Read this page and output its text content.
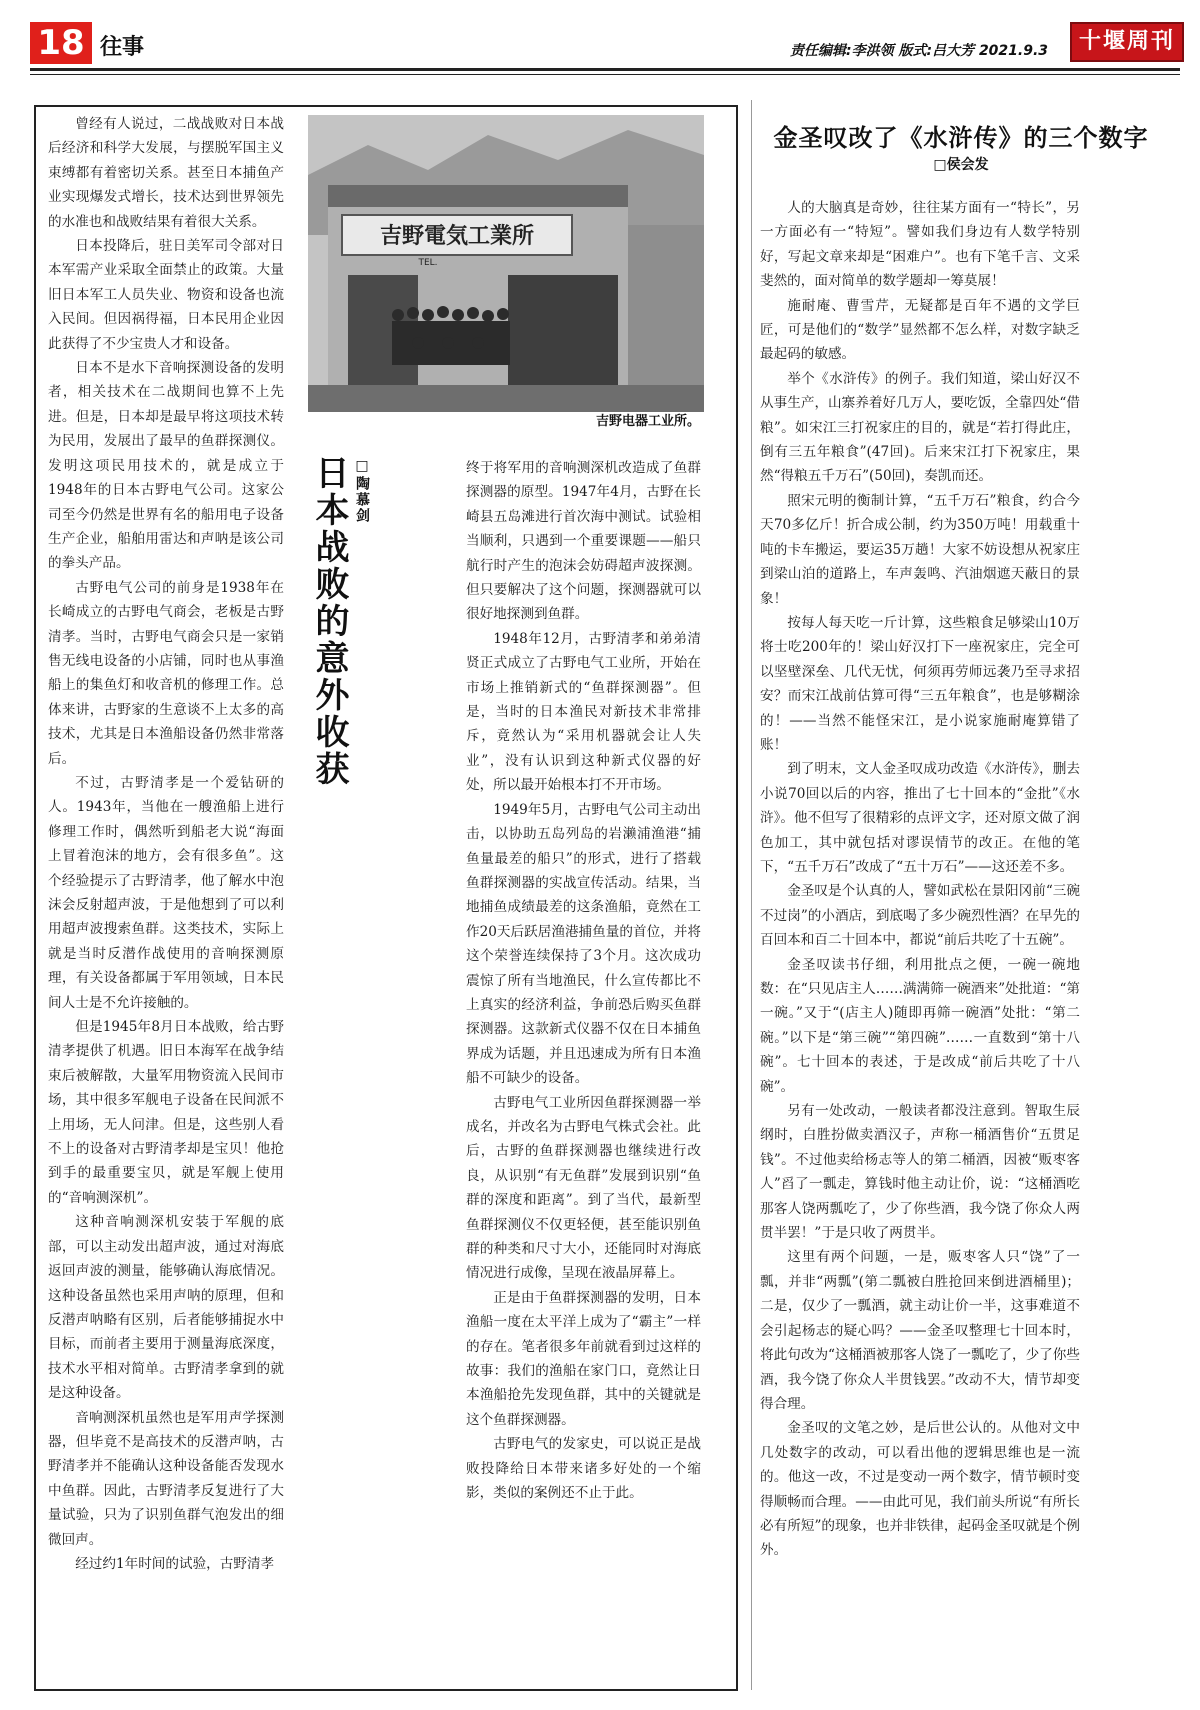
18 往事	责任编辑:李洪领 版式:吕大芳 2021.9.3	十堰周刊

曾经有人说过，二战战败对日本战后经济和科学大发展，与摆脱军国主义束缚都有着密切关系。甚至日本捕鱼产业实现爆发式增长，技术达到世界领先的水准也和战败结果有着很大关系。

日本投降后，驻日美军司令部对日本军需产业采取全面禁止的政策。大量旧日本军工人员失业、物资和设备也流入民间。但因祸得福，日本民用企业因此获得了不少宝贵人才和设备。

日本不是水下音响探测设备的发明者，相关技术在二战期间也算不上先进。但是，日本却是最早将这项技术转为民用，发展出了最早的鱼群探测仪。发明这项民用技术的，就是成立于1948年的日本古野电气公司。这家公司至今仍然是世界有名的船用电子设备生产企业，船舶用雷达和声呐是该公司的拳头产品。

古野电气公司的前身是1938年在长崎成立的古野电气商会，老板是古野清孝。当时，古野电气商会只是一家销售无线电设备的小店铺，同时也从事渔船上的集鱼灯和收音机的修理工作。总体来讲，古野家的生意谈不上太多的高技术，尤其是日本渔船设备仍然非常落后。

不过，古野清孝是一个爱钻研的人。1943年，当他在一艘渔船上进行修理工作时，偶然听到船老大说“海面上冒着泡沫的地方，会有很多鱼”。这个经验提示了古野清孝，他了解水中泡沫会反射超声波，于是他想到了可以利用超声波搜索鱼群。这类技术，实际上就是当时反潜作战使用的音响探测原理，有关设备都属于军用领域，日本民间人士是不允许接触的。

但是1945年8月日本战败，给古野清孝提供了机遇。旧日本海军在战争结束后被解散，大量军用物资流入民间市场，其中很多军舰电子设备在民间派不上用场，无人问津。但是，这些别人看不上的设备对古野清孝却是宝贝！他抢到手的最重要宝贝，就是军舰上使用的“音响测深机”。

这种音响测深机安装于军舰的底部，可以主动发出超声波，通过对海底返回声波的测量，能够确认海底情况。这种设备虽然也采用声呐的原理，但和反潜声呐略有区别，后者能够捕捉水中目标，而前者主要用于测量海底深度，技术水平相对简单。古野清孝拿到的就是这种设备。

音响测深机虽然也是军用声学探测器，但毕竟不是高技术的反潜声呐，古野清孝并不能确认这种设备能否发现水中鱼群。因此，古野清孝反复进行了大量试验，只为了识别鱼群气泡发出的细微回声。

经过约1年时间的试验，古野清孝

吉野電気工業所
TEL.
吉野电器工业所。
日本战败的意外收获 □陶慕剑	终于将军用的音响测深机改造成了鱼群探测器的原型。1947年4月，古野在长崎县五岛滩进行首次海中测试。试验相当顺利，只遇到一个重要课题——船只航行时产生的泡沫会妨碍超声波探测。但只要解决了这个问题，探测器就可以很好地探测到鱼群。

1948年12月，古野清孝和弟弟清贤正式成立了古野电气工业所，开始在市场上推销新式的“鱼群探测器”。但是，当时的日本渔民对新技术非常排斥，竟然认为“采用机器就会让人失业”，没有认识到这种新式仪器的好处，所以最开始根本打不开市场。

1949年5月，古野电气公司主动出击，以协助五岛列岛的岩濑浦渔港“捕鱼量最差的船只”的形式，进行了搭载鱼群探测器的实战宣传活动。结果，当地捕鱼成绩最差的这条渔船，竟然在工作20天后跃居渔港捕鱼量的首位，并将这个荣誉连续保持了3个月。这次成功震惊了所有当地渔民，什么宣传都比不上真实的经济利益，争前恐后购买鱼群探测器。这款新式仪器不仅在日本捕鱼界成为话题，并且迅速成为所有日本渔船不可缺少的设备。

古野电气工业所因鱼群探测器一举成名，并改名为古野电气株式会社。此后，古野的鱼群探测器也继续进行改良，从识别“有无鱼群”发展到识别“鱼群的深度和距离”。到了当代，最新型鱼群探测仪不仅更轻便，甚至能识别鱼群的种类和尺寸大小，还能同时对海底情况进行成像，呈现在液晶屏幕上。

正是由于鱼群探测器的发明，日本渔船一度在太平洋上成为了“霸主”一样的存在。笔者很多年前就看到过这样的故事：我们的渔船在家门口，竟然让日本渔船抢先发现鱼群，其中的关键就是这个鱼群探测器。

古野电气的发家史，可以说正是战败投降给日本带来诸多好处的一个缩影，类似的案例还不止于此。

金圣叹改了《水浒传》的三个数字
□侯会发

人的大脑真是奇妙，往往某方面有一“特长”，另一方面必有一“特短”。譬如我们身边有人数学特别好，写起文章来却是“困难户”。也有下笔千言、文采斐然的，面对简单的数学题却一筹莫展！

施耐庵、曹雪芹，无疑都是百年不遇的文学巨匠，可是他们的“数学”显然都不怎么样，对数字缺乏最起码的敏感。

举个《水浒传》的例子。我们知道，梁山好汉不从事生产，山寨养着好几万人，要吃饭，全靠四处“借粮”。如宋江三打祝家庄的目的，就是“若打得此庄，倒有三五年粮食”(47回)。后来宋江打下祝家庄，果然“得粮五千万石”(50回)，奏凯而还。

照宋元明的衡制计算，“五千万石”粮食，约合今天70多亿斤！折合成公制，约为350万吨！用载重十吨的卡车搬运，要运35万趟！大家不妨设想从祝家庄到梁山泊的道路上，车声轰鸣、汽油烟遮天蔽日的景象！

按每人每天吃一斤计算，这些粮食足够梁山10万将士吃200年的！梁山好汉打下一座祝家庄，完全可以坚壁深垒、几代无忧，何须再劳师远袭乃至寻求招安？而宋江战前估算可得“三五年粮食”，也是够糊涂的！——当然不能怪宋江，是小说家施耐庵算错了账！

到了明末，文人金圣叹成功改造《水浒传》，删去小说70回以后的内容，推出了七十回本的“金批”《水浒》。他不但写了很精彩的点评文字，还对原文做了润色加工，其中就包括对谬误情节的改正。在他的笔下，“五千万石”改成了“五十万石”——这还差不多。

金圣叹是个认真的人，譬如武松在景阳冈前“三碗不过岗”的小酒店，到底喝了多少碗烈性酒？在早先的百回本和百二十回本中，都说“前后共吃了十五碗”。

金圣叹读书仔细，利用批点之便，一碗一碗地数：在“只见店主人……满满筛一碗酒来”处批道：“第一碗。”又于“(店主人)随即再筛一碗酒”处批：“第二碗。”以下是“第三碗”“第四碗”……一直数到“第十八碗”。七十回本的表述，于是改成“前后共吃了十八碗”。

另有一处改动，一般读者都没注意到。智取生辰纲时，白胜扮做卖酒汉子，声称一桶酒售价“五贯足钱”。不过他卖给杨志等人的第二桶酒，因被“贩枣客人”舀了一瓢走，算钱时他主动让价，说：“这桶酒吃那客人饶两瓢吃了，少了你些酒，我今饶了你众人两贯半罢！”于是只收了两贯半。

这里有两个问题，一是，贩枣客人只“饶”了一瓢，并非“两瓢”(第二瓢被白胜抢回来倒进酒桶里)；二是，仅少了一瓢酒，就主动让价一半，这事难道不会引起杨志的疑心吗？——金圣叹整理七十回本时，将此句改为“这桶酒被那客人饶了一瓢吃了，少了你些酒，我今饶了你众人半贯钱罢。”改动不大，情节却变得合理。

金圣叹的文笔之妙，是后世公认的。从他对文中几处数字的改动，可以看出他的逻辑思维也是一流的。他这一改，不过是变动一两个数字，情节顿时变得顺畅而合理。——由此可见，我们前头所说“有所长必有所短”的现象，也并非铁律，起码金圣叹就是个例外。
